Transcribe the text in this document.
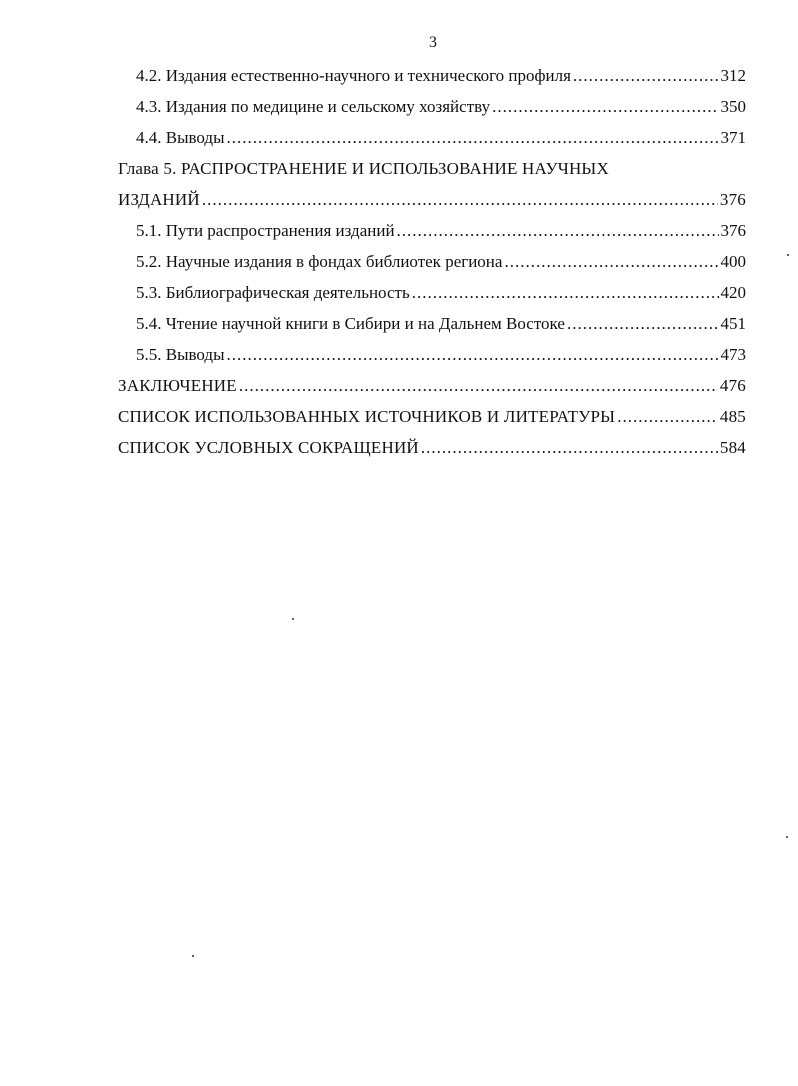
3
4.2. Издания естественно-научного и технического профиля .....	312
4.3. Издания по медицине и сельскому хозяйству .....	350
4.4. Выводы .....	371
Глава 5. РАСПРОСТРАНЕНИЕ И ИСПОЛЬЗОВАНИЕ НАУЧНЫХ
ИЗДАНИЙ .....	376
5.1. Пути распространения изданий .....	376
5.2. Научные издания в фондах библиотек региона .....	400
5.3. Библиографическая деятельность .....	420
5.4. Чтение научной книги в Сибири и на Дальнем Востоке .....	451
5.5. Выводы .....	473
ЗАКЛЮЧЕНИЕ .....	476
СПИСОК ИСПОЛЬЗОВАННЫХ ИСТОЧНИКОВ И ЛИТЕРАТУРЫ .....	485
СПИСОК УСЛОВНЫХ СОКРАЩЕНИЙ .....	584
